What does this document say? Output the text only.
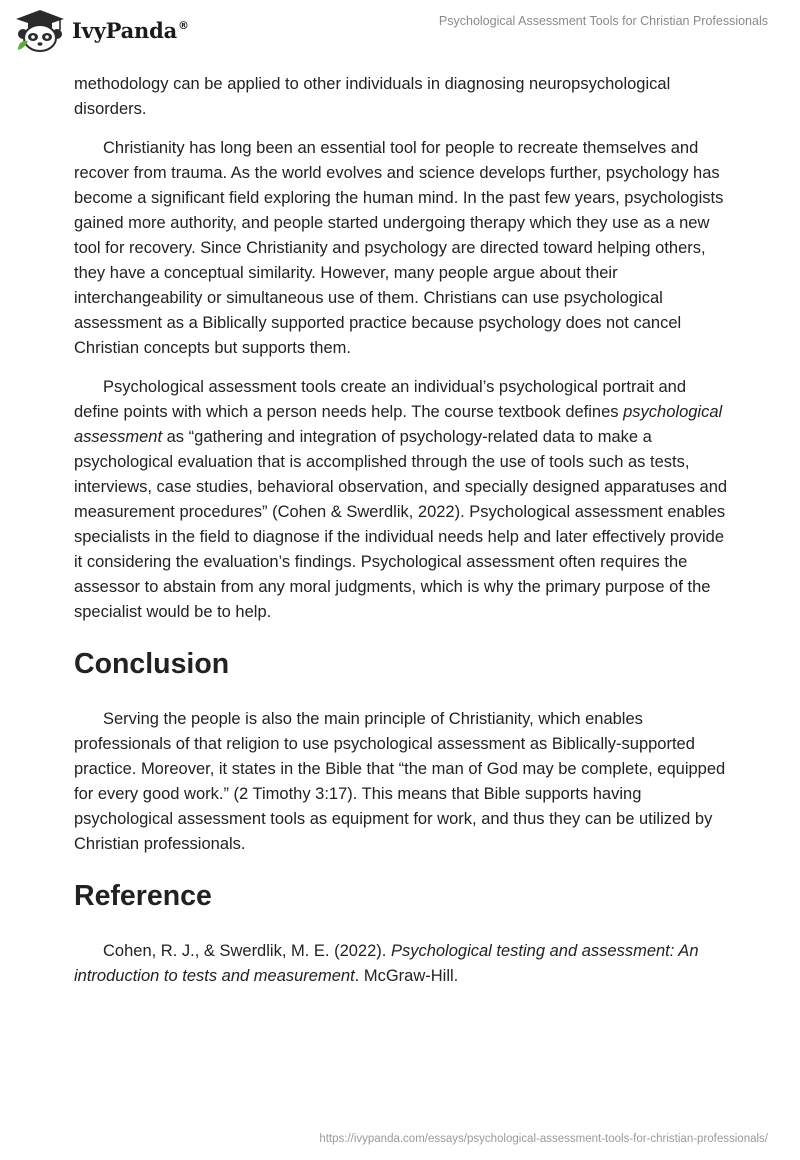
IvyPanda®	Psychological Assessment Tools for Christian Professionals

methodology can be applied to other individuals in diagnosing neuropsychological disorders.

Christianity has long been an essential tool for people to recreate themselves and recover from trauma. As the world evolves and science develops further, psychology has become a significant field exploring the human mind. In the past few years, psychologists gained more authority, and people started undergoing therapy which they use as a new tool for recovery. Since Christianity and psychology are directed toward helping others, they have a conceptual similarity. However, many people argue about their interchangeability or simultaneous use of them. Christians can use psychological assessment as a Biblically supported practice because psychology does not cancel Christian concepts but supports them.

Psychological assessment tools create an individual’s psychological portrait and define points with which a person needs help. The course textbook defines psychological assessment as “gathering and integration of psychology-related data to make a psychological evaluation that is accomplished through the use of tools such as tests, interviews, case studies, behavioral observation, and specially designed apparatuses and measurement procedures” (Cohen & Swerdlik, 2022). Psychological assessment enables specialists in the field to diagnose if the individual needs help and later effectively provide it considering the evaluation’s findings. Psychological assessment often requires the assessor to abstain from any moral judgments, which is why the primary purpose of the specialist would be to help.

Conclusion

Serving the people is also the main principle of Christianity, which enables professionals of that religion to use psychological assessment as Biblically-supported practice. Moreover, it states in the Bible that “the man of God may be complete, equipped for every good work.” (2 Timothy 3:17). This means that Bible supports having psychological assessment tools as equipment for work, and thus they can be utilized by Christian professionals.

Reference

Cohen, R. J., & Swerdlik, M. E. (2022). Psychological testing and assessment: An introduction to tests and measurement. McGraw-Hill.

https://ivypanda.com/essays/psychological-assessment-tools-for-christian-professionals/
